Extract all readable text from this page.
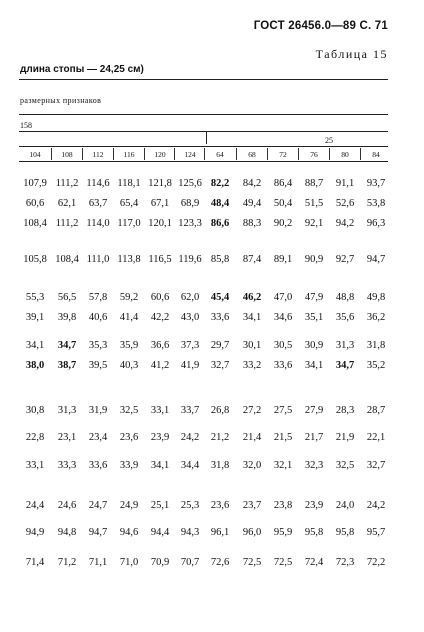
ГОСТ 26456.0—89 С. 71
Таблица 15
длина стопы — 24,25 см)
размерных признаков
158
25
104	108	112	116	120	124	64	68	72	76	80	84
107,9 111,2 114,6 118,1 121,8 125,6 82,2	84,2	86,4	88,7	91,1	93,7
60,6	62,1	63,7	65,4	67,1	68,9	48,4	49,4	50,4	51,5	52,6	53,8
108,4 111,2 114,0 117,0 120,1 123,3 86,6	88,3	90,2	92,1	94,2	96,3
105,8 108,4 111,0 113,8 116,5 119,6 85,8	87,4	89,1	90,9	92,7	94,7
55,3	56,5	57,8	59,2	60,6	62,0	45,4	46,2	47,0	47,9	48,8	49,8
39,1	39,8	40,6	41,4	42,2	43,0	33,6	34,1	34,6	35,1	35,6	36,2
34,1	34,7	35,3	35,9	36,6	37,3	29,7	30,1	30,5	30,9	31,3	31,8
38,0	38,7	39,5	40,3	41,2	41,9	32,7	33,2	33,6	34,1	34,7	35,2
30,8	31,3	31,9	32,5	33,1	33,7	26,8	27,2	27,5	27,9	28,3	28,7
22,8	23,1	23,4	23,6	23,9	24,2	21,2	21,4	21,5	21,7	21,9	22,1
33,1	33,3	33,6	33,9	34,1	34,4	31,8	32,0	32,1	32,3	32,5	32,7
24,4	24,6	24,7	24,9	25,1	25,3	23,6	23,7	23,8	23,9	24,0	24,2
94,9	94,8	94,7	94,6	94,4	94,3	96,1	96,0	95,9	95,8	95,8	95,7
71,4	71,2	71,1	71,0	70,9	70,7	72,6	72,5	72,5	72,4	72,3	72,2
